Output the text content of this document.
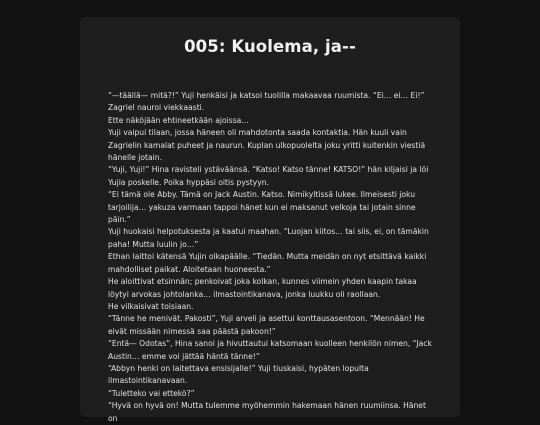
005: Kuolema, ja--

“—täällä— mitä?!” Yuji henkäisi ja katsoi tuolilla makaavaa ruumista. “Ei… ei… Ei!”

Zagriel nauroi viekkaasti.

Ette näköjään ehtineetkään ajoissa…

Yuji vaipui tilaan, jossa häneen oli mahdotonta saada kontaktia. Hän kuuli vain Zagrielin kamalat puheet ja naurun. Kuplan ulkopuolelta joku yritti kuitenkin viestiä hänelle jotain.

“Yuji, Yuji!” Hina ravisteli ystäväänsä. “Katso! Katso tänne! KATSO!” hän kiljaisi ja löi Yujia poskelle. Poika hyppäsi oitis pystyyn.

“Ei tämä ole Abby. Tämä on Jack Austin. Katso. Nimikyltissä lukee. Ilmeisesti joku tarjoilija… yakuza varmaan tappoi hänet kun ei maksanut velkoja tai jotain sinne päin.”

Yuji huokaisi helpotuksesta ja kaatui maahan. “Luojan kiitos… tai siis, ei, on tämäkin paha! Mutta luulin jo…”

Ethan laittoi kätensä Yujin olkapäälle. “Tiedän. Mutta meidän on nyt etsittävä kaikki mahdolliset paikat. Aloitetaan huoneesta.”

He aloittivat etsinnän; penkoivat joka kolkan, kunnes viimein yhden kaapin takaa löytyi arvokas johtolanka… ilmastointikanava, jonka luukku oli raollaan.

He vilkaisivat toisiaan.

“Tänne he menivät. Pakosti”, Yuji arveli ja asettui konttausasentoon. “Mennään! He eivät missään nimessä saa päästä pakoon!”

“Entä— Odotas”, Hina sanoi ja hivuttautui katsomaan kuolleen henkilön nimen, “Jack Austin… emme voi jättää häntä tänne!”

“Abbyn henki on laitettava ensisijalle!” Yuji tiuskaisi, hypäten lopulta ilmastointikanavaan.

“Tuletteko vai ettekö?”

“Hyvä on hyvä on! Mutta tulemme myöhemmin hakemaan hänen ruumiinsa. Hänet on
